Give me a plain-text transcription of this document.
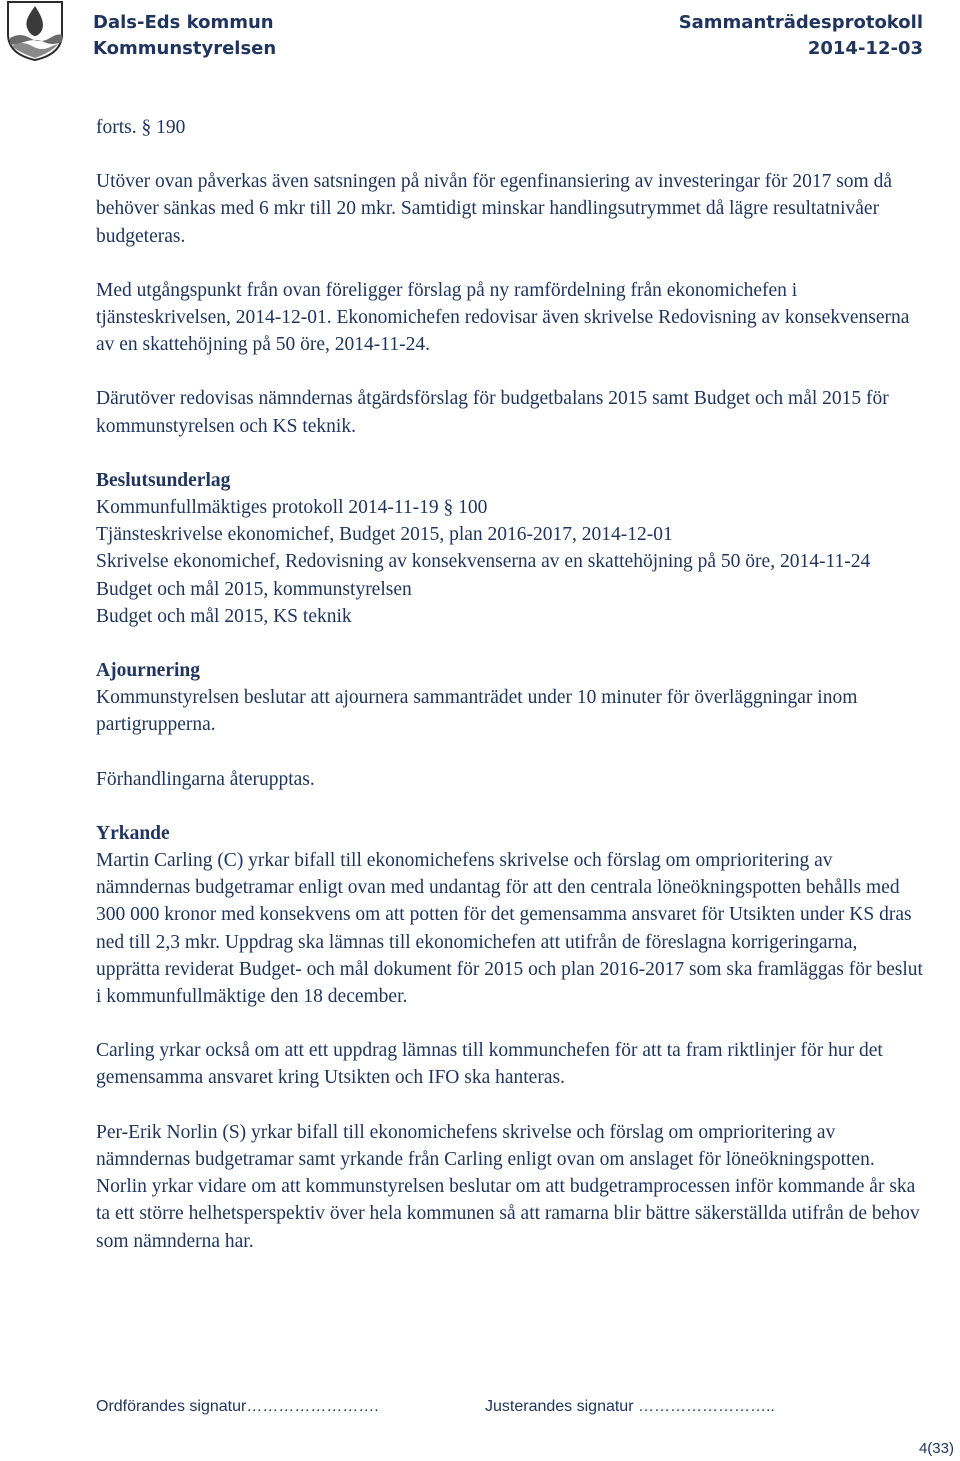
Dals-Eds kommun
Kommunstyrelsen
Sammanträdesprotokoll
2014-12-03

forts. § 190

Utöver ovan påverkas även satsningen på nivån för egenfinansiering av investeringar för 2017 som då behöver sänkas med 6 mkr till 20 mkr. Samtidigt minskar handlingsutrymmet då lägre resultatnivåer budgeteras.

Med utgångspunkt från ovan föreligger förslag på ny ramfördelning från ekonomichefen i tjänsteskrivelsen, 2014-12-01. Ekonomichefen redovisar även skrivelse Redovisning av konsekvenserna av en skattehöjning på 50 öre, 2014-11-24.

Därutöver redovisas nämndernas åtgärdsförslag för budgetbalans 2015 samt Budget och mål 2015 för kommunstyrelsen och KS teknik.

Beslutsunderlag

Kommunfullmäktiges protokoll 2014-11-19 § 100

Tjänsteskrivelse ekonomichef, Budget 2015, plan 2016-2017, 2014-12-01

Skrivelse ekonomichef, Redovisning av konsekvenserna av en skattehöjning på 50 öre, 2014-11-24

Budget och mål 2015, kommunstyrelsen

Budget och mål 2015, KS teknik

Ajournering

Kommunstyrelsen beslutar att ajournera sammanträdet under 10 minuter för överläggningar inom partigrupperna.

Förhandlingarna återupptas.

Yrkande

Martin Carling (C) yrkar bifall till ekonomichefens skrivelse och förslag om omprioritering av nämndernas budgetramar enligt ovan med undantag för att den centrala löneökningspotten behålls med 300 000 kronor med konsekvens om att potten för det gemensamma ansvaret för Utsikten under KS dras ned till 2,3 mkr. Uppdrag ska lämnas till ekonomichefen att utifrån de föreslagna korrigeringarna, upprätta reviderat Budget- och mål dokument för 2015 och plan 2016-2017 som ska framläggas för beslut i kommunfullmäktige den 18 december.

Carling yrkar också om att ett uppdrag lämnas till kommunchefen för att ta fram riktlinjer för hur det gemensamma ansvaret kring Utsikten och IFO ska hanteras.

Per-Erik Norlin (S) yrkar bifall till ekonomichefens skrivelse och förslag om omprioritering av nämndernas budgetramar samt yrkande från Carling enligt ovan om anslaget för löneökningspotten. Norlin yrkar vidare om att kommunstyrelsen beslutar om att budgetramprocessen inför kommande år ska ta ett större helhetsperspektiv över hela kommunen så att ramarna blir bättre säkerställda utifrån de behov som nämnderna har.

Ordförandes signatur…………………….	Justerandes signatur ……………………..
4(33)
